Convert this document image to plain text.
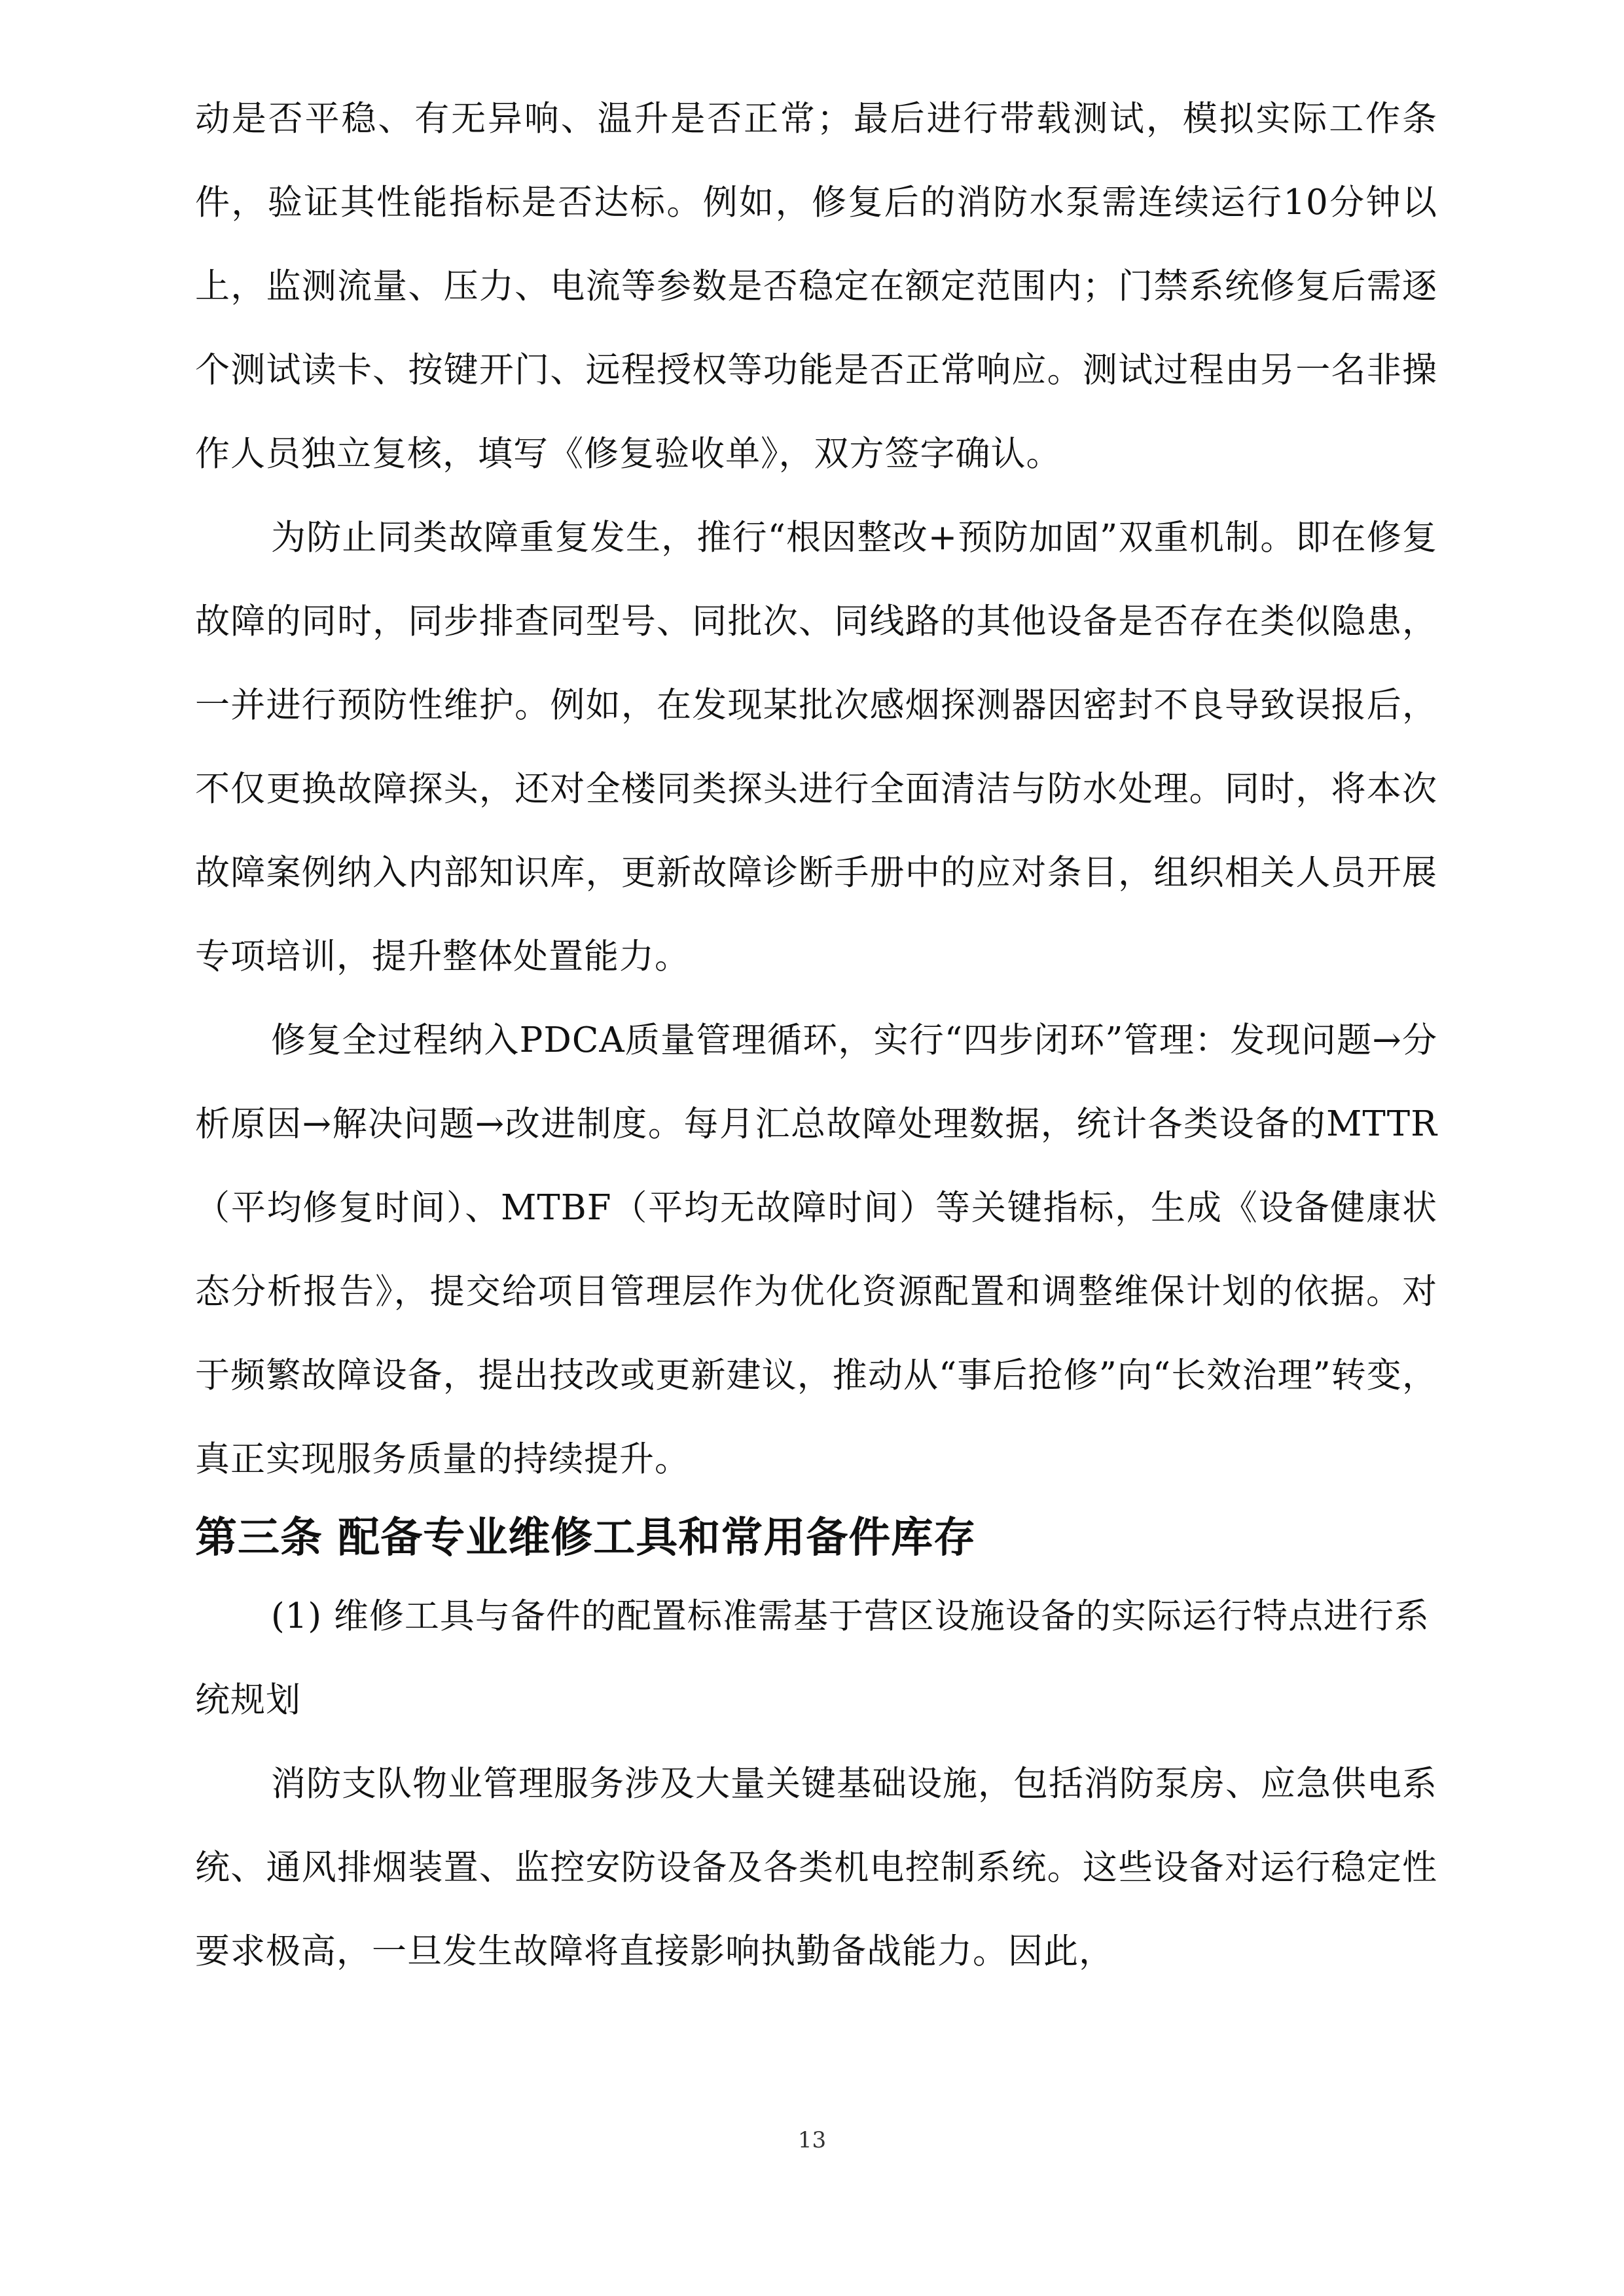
动是否平稳、有无异响、温升是否正常；最后进行带载测试，模拟实际工作条件，验证其性能指标是否达标。例如，修复后的消防水泵需连续运行10分钟以上，监测流量、压力、电流等参数是否稳定在额定范围内；门禁系统修复后需逐个测试读卡、按键开门、远程授权等功能是否正常响应。测试过程由另一名非操作人员独立复核，填写《修复验收单》，双方签字确认。

为防止同类故障重复发生，推行“根因整改+预防加固”双重机制。即在修复故障的同时，同步排查同型号、同批次、同线路的其他设备是否存在类似隐患，一并进行预防性维护。例如，在发现某批次感烟探测器因密封不良导致误报后，不仅更换故障探头，还对全楼同类探头进行全面清洁与防水处理。同时，将本次故障案例纳入内部知识库，更新故障诊断手册中的应对条目，组织相关人员开展专项培训，提升整体处置能力。

修复全过程纳入PDCA质量管理循环，实行“四步闭环”管理：发现问题→分析原因→解决问题→改进制度。每月汇总故障处理数据，统计各类设备的MTTR（平均修复时间）、MTBF（平均无故障时间）等关键指标，生成《设备健康状态分析报告》，提交给项目管理层作为优化资源配置和调整维保计划的依据。对于频繁故障设备，提出技改或更新建议，推动从“事后抢修”向“长效治理”转变，真正实现服务质量的持续提升。

第三条 配备专业维修工具和常用备件库存

(1) 维修工具与备件的配置标准需基于营区设施设备的实际运行特点进行系统规划

消防支队物业管理服务涉及大量关键基础设施，包括消防泵房、应急供电系统、通风排烟装置、监控安防设备及各类机电控制系统。这些设备对运行稳定性要求极高，一旦发生故障将直接影响执勤备战能力。因此，

13
